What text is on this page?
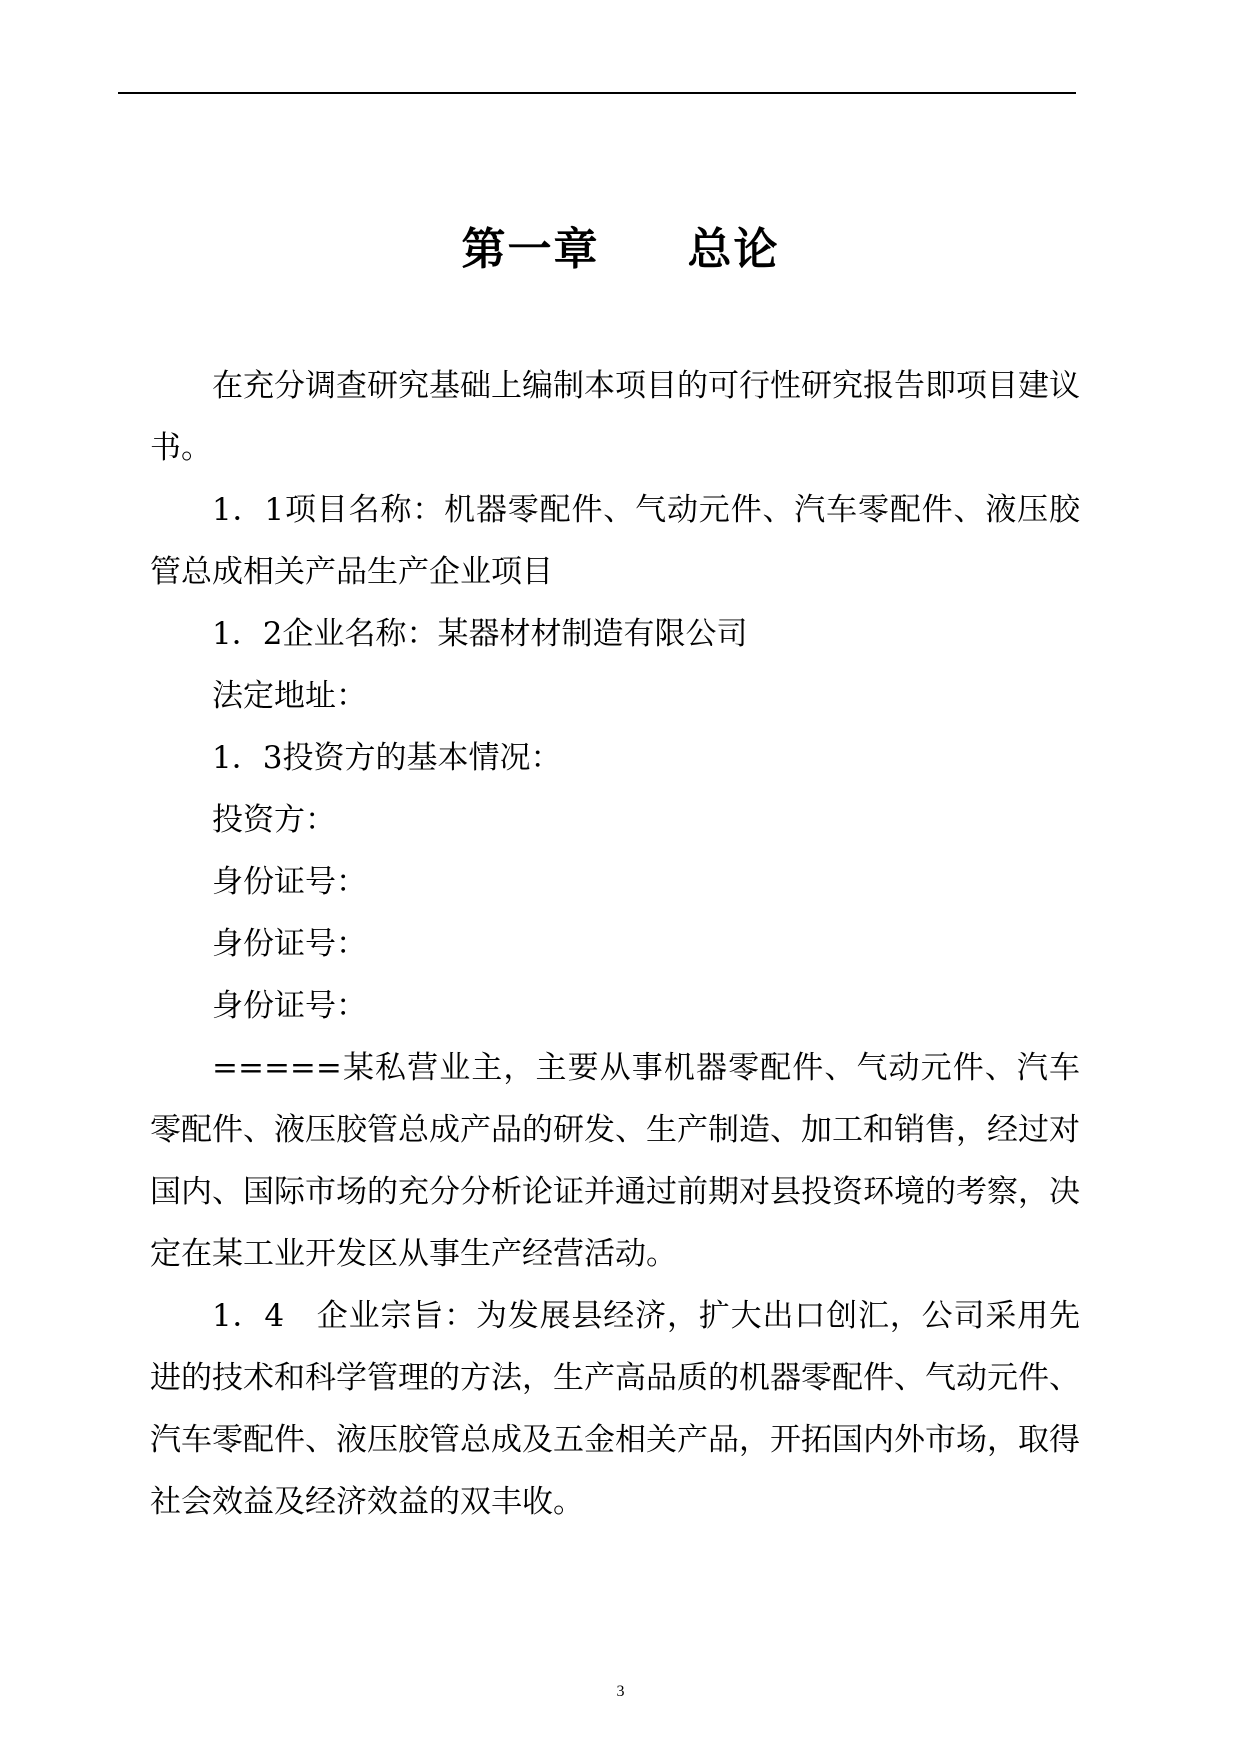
第一章 总论

在充分调查研究基础上编制本项目的可行性研究报告即项目建议书。

1．1项目名称：机器零配件、气动元件、汽车零配件、液压胶管总成相关产品生产企业项目

1．2企业名称：某器材材制造有限公司

法定地址：

1．3投资方的基本情况：

投资方：

身份证号：

身份证号：

身份证号：

=====某私营业主，主要从事机器零配件、气动元件、汽车零配件、液压胶管总成产品的研发、生产制造、加工和销售，经过对国内、国际市场的充分分析论证并通过前期对县投资环境的考察，决定在某工业开发区从事生产经营活动。

1．4　企业宗旨：为发展县经济，扩大出口创汇，公司采用先进的技术和科学管理的方法，生产高品质的机器零配件、气动元件、汽车零配件、液压胶管总成及五金相关产品，开拓国内外市场，取得社会效益及经济效益的双丰收。

3
